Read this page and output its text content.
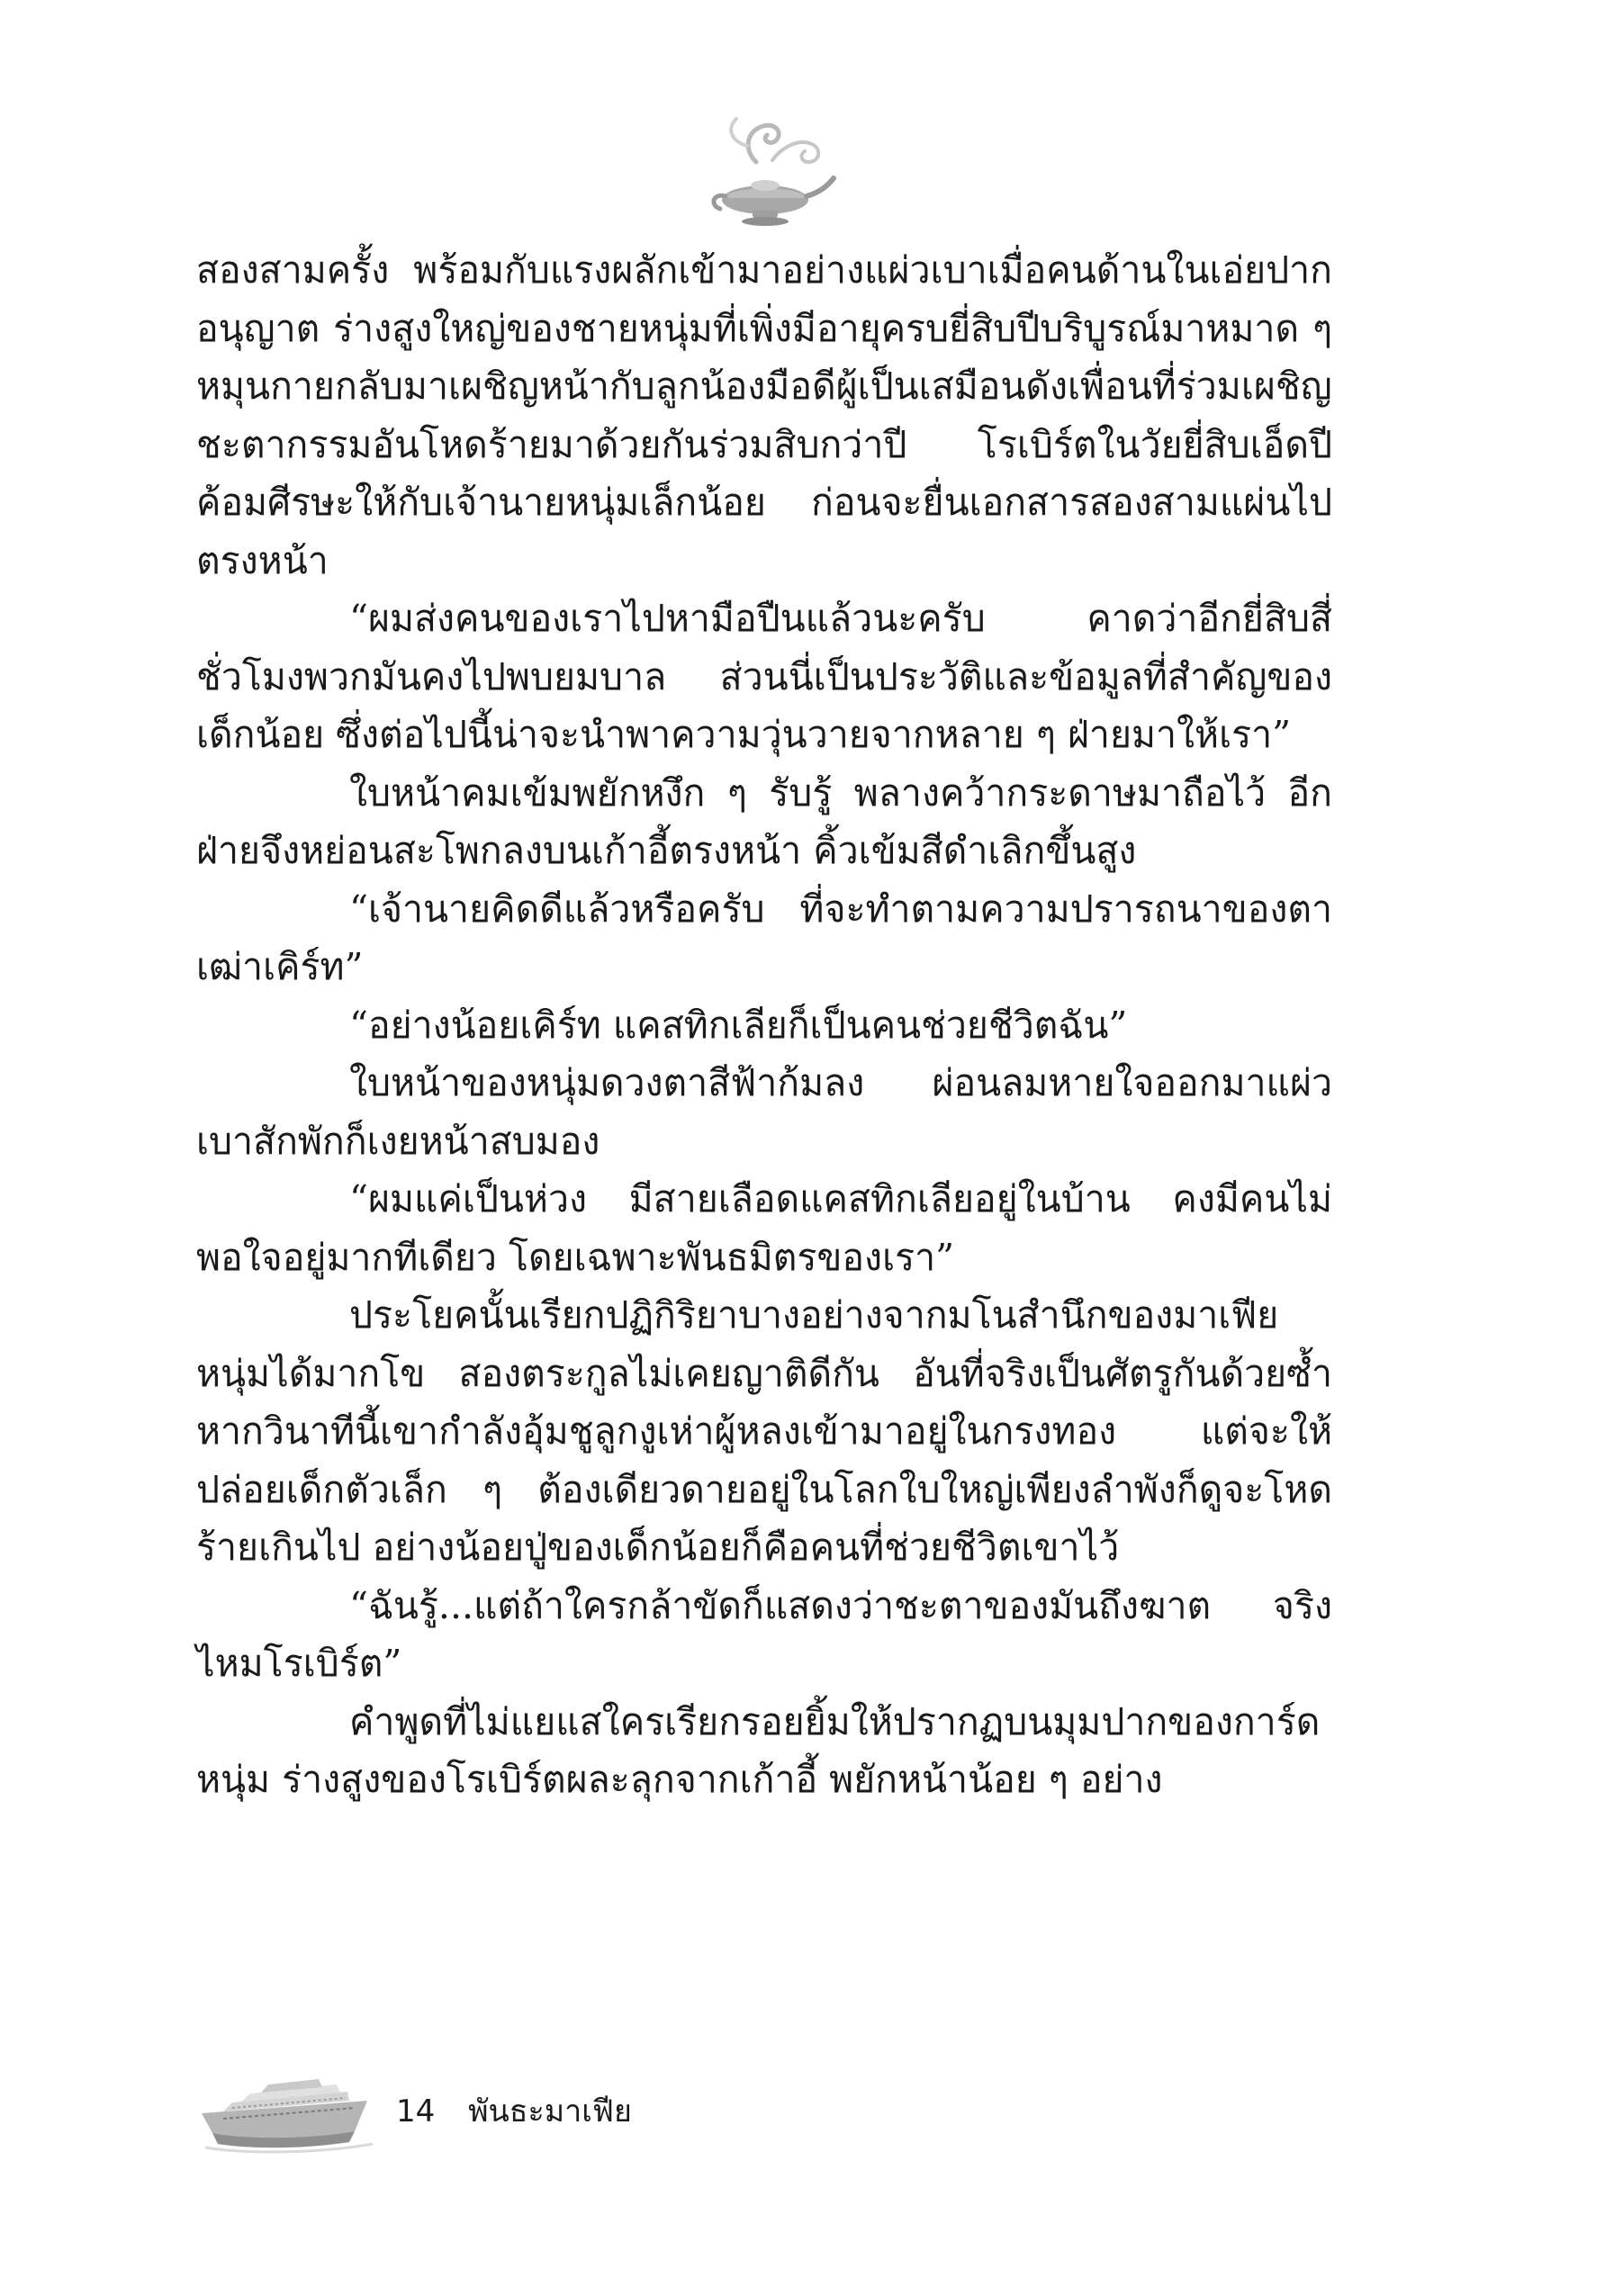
สองสามครั้ง พร้อมกับแรงผลักเข้ามาอย่างแผ่วเบาเมื่อคนด้านในเอ่ยปากอนุญาต ร่างสูงใหญ่ของชายหนุ่มที่เพิ่งมีอายุครบยี่สิบปีบริบูรณ์มาหมาด ๆ หมุนกายกลับมาเผชิญหน้ากับลูกน้องมือดีผู้เป็นเสมือนดังเพื่อนที่ร่วมเผชิญชะตากรรมอันโหดร้ายมาด้วยกันร่วมสิบกว่าปี โรเบิร์ตในวัยยี่สิบเอ็ดปีค้อมศีรษะให้กับเจ้านายหนุ่มเล็กน้อย ก่อนจะยื่นเอกสารสองสามแผ่นไปตรงหน้า

“ผมส่งคนของเราไปหามือปืนแล้วนะครับ คาดว่าอีกยี่สิบสี่ชั่วโมงพวกมันคงไปพบยมบาล ส่วนนี่เป็นประวัติและข้อมูลที่สำคัญของเด็กน้อย ซึ่งต่อไปนี้น่าจะนำพาความวุ่นวายจากหลาย ๆ ฝ่ายมาให้เรา”

ใบหน้าคมเข้มพยักหงึก ๆ รับรู้ พลางคว้ากระดาษมาถือไว้ อีกฝ่ายจึงหย่อนสะโพกลงบนเก้าอี้ตรงหน้า คิ้วเข้มสีดำเลิกขึ้นสูง

“เจ้านายคิดดีแล้วหรือครับ ที่จะทำตามความปรารถนาของตาเฒ่าเคิร์ท”

“อย่างน้อยเคิร์ท แคสทิกเลียก็เป็นคนช่วยชีวิตฉัน”

ใบหน้าของหนุ่มดวงตาสีฟ้าก้มลง ผ่อนลมหายใจออกมาแผ่วเบาสักพักก็เงยหน้าสบมอง

“ผมแค่เป็นห่วง มีสายเลือดแคสทิกเลียอยู่ในบ้าน คงมีคนไม่พอใจอยู่มากทีเดียว โดยเฉพาะพันธมิตรของเรา”

ประโยคนั้นเรียกปฏิกิริยาบางอย่างจากมโนสำนึกของมาเฟียหนุ่มได้มากโข สองตระกูลไม่เคยญาติดีกัน อันที่จริงเป็นศัตรูกันด้วยซ้ำ หากวินาทีนี้เขากำลังอุ้มชูลูกงูเห่าผู้หลงเข้ามาอยู่ในกรงทอง แต่จะให้ปล่อยเด็กตัวเล็ก ๆ ต้องเดียวดายอยู่ในโลกใบใหญ่เพียงลำพังก็ดูจะโหดร้ายเกินไป อย่างน้อยปู่ของเด็กน้อยก็คือคนที่ช่วยชีวิตเขาไว้

“ฉันรู้...แต่ถ้าใครกล้าขัดก็แสดงว่าชะตาของมันถึงฆาต จริงไหมโรเบิร์ต”

คำพูดที่ไม่แยแสใครเรียกรอยยิ้มให้ปรากฏบนมุมปากของการ์ดหนุ่ม ร่างสูงของโรเบิร์ตผละลุกจากเก้าอี้ พยักหน้าน้อย ๆ อย่าง

14 พันธะมาเฟีย
